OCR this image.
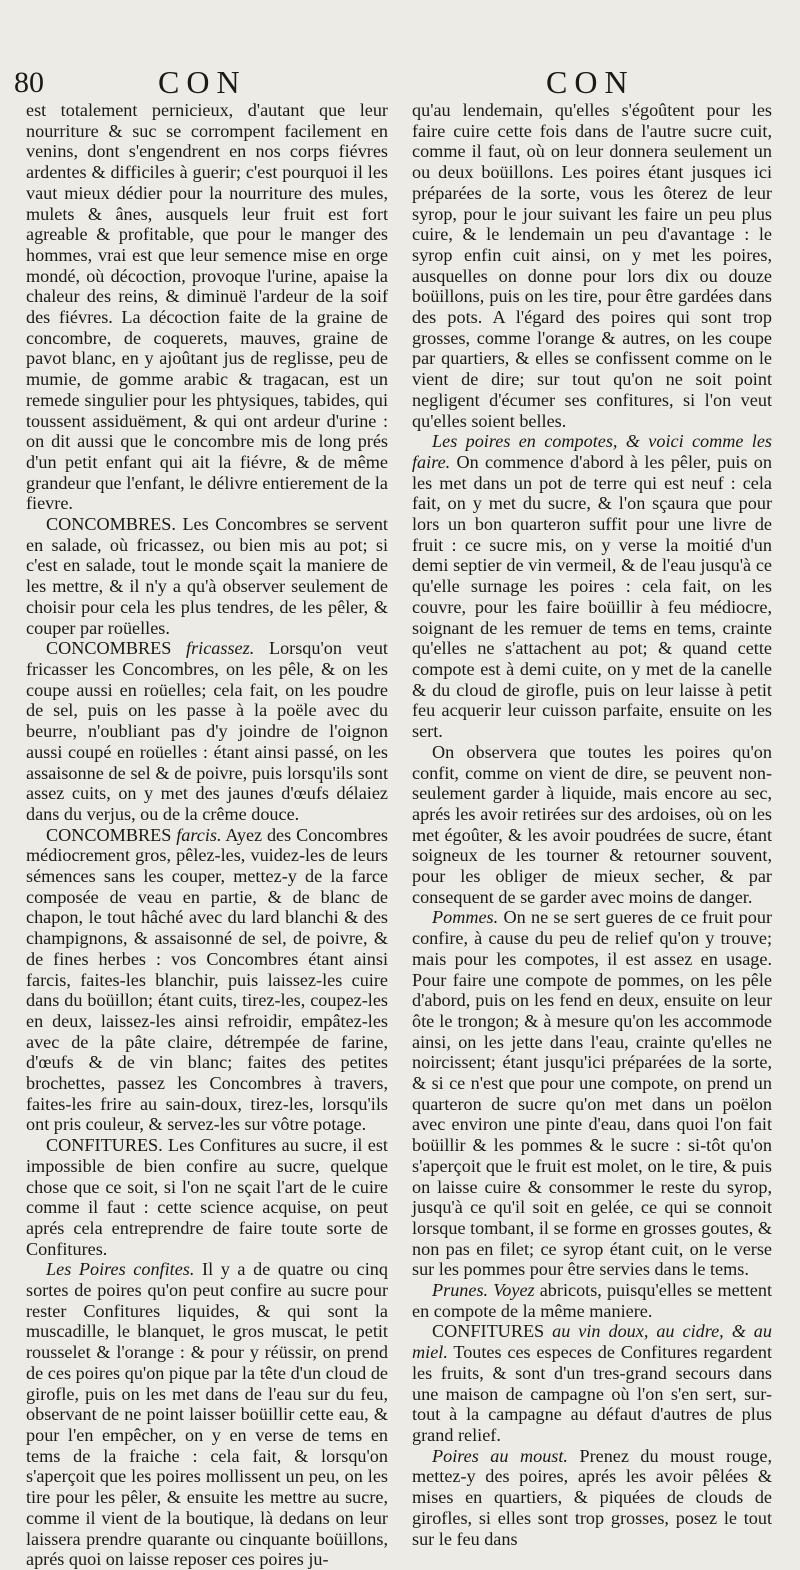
80	CON	CON

est totalement pernicieux, d'autant que leur nourriture & suc se corrompent facilement en venins, dont s'engendrent en nos corps fiévres ardentes & difficiles à guerir; c'est pourquoi il les vaut mieux dédier pour la nourriture des mules, mulets & ânes, ausquels leur fruit est fort agreable & profitable, que pour le manger des hommes, vrai est que leur semence mise en orge mondé, où décoction, provoque l'urine, apaise la chaleur des reins, & diminuë l'ardeur de la soif des fiévres. La décoction faite de la graine de concombre, de coquerets, mauves, graine de pavot blanc, en y ajoûtant jus de reglisse, peu de mumie, de gomme arabic & tragacan, est un remede singulier pour les phtysiques, tabides, qui toussent assiduëment, & qui ont ardeur d'urine : on dit aussi que le concombre mis de long prés d'un petit enfant qui ait la fiévre, & de même grandeur que l'enfant, le délivre entierement de la fievre.

CONCOMBRES. Les Concombres se servent en salade, où fricassez, ou bien mis au pot; si c'est en salade, tout le monde sçait la maniere de les mettre, & il n'y a qu'à observer seulement de choisir pour cela les plus tendres, de les pêler, & couper par roüelles.

CONCOMBRES fricassez. Lorsqu'on veut fricasser les Concombres, on les pêle, & on les coupe aussi en roüelles; cela fait, on les poudre de sel, puis on les passe à la poële avec du beurre, n'oubliant pas d'y joindre de l'oignon aussi coupé en roüelles : étant ainsi passé, on les assaisonne de sel & de poivre, puis lorsqu'ils sont assez cuits, on y met des jaunes d'œufs délaiez dans du verjus, ou de la crême douce.

CONCOMBRES farcis. Ayez des Concombres médiocrement gros, pêlez-les, vuidez-les de leurs sémences sans les couper, mettez-y de la farce composée de veau en partie, & de blanc de chapon, le tout hâché avec du lard blanchi & des champignons, & assaisonné de sel, de poivre, & de fines herbes : vos Concombres étant ainsi farcis, faites-les blanchir, puis laissez-les cuire dans du boüillon; étant cuits, tirez-les, coupez-les en deux, laissez-les ainsi refroidir, empâtez-les avec de la pâte claire, détrempée de farine, d'œufs & de vin blanc; faites des petites brochettes, passez les Concombres à travers, faites-les frire au sain-doux, tirez-les, lorsqu'ils ont pris couleur, & servez-les sur vôtre potage.

CONFITURES. Les Confitures au sucre, il est impossible de bien confire au sucre, quelque chose que ce soit, si l'on ne sçait l'art de le cuire comme il faut : cette science acquise, on peut aprés cela entreprendre de faire toute sorte de Confitures.

Les Poires confites. Il y a de quatre ou cinq sortes de poires qu'on peut confire au sucre pour rester Confitures liquides, & qui sont la muscadille, le blanquet, le gros muscat, le petit rousselet & l'orange : & pour y réüssir, on prend de ces poires qu'on pique par la tête d'un cloud de girofle, puis on les met dans de l'eau sur du feu, observant de ne point laisser boüillir cette eau, & pour l'en empêcher, on y en verse de tems en tems de la fraiche : cela fait, & lorsqu'on s'aperçoit que les poires mollissent un peu, on les tire pour les pêler, & ensuite les mettre au sucre, comme il vient de la boutique, là dedans on leur laissera prendre quarante ou cinquante boüillons, aprés quoi on laisse reposer ces poires ju-

qu'au lendemain, qu'elles s'égoûtent pour les faire cuire cette fois dans de l'autre sucre cuit, comme il faut, où on leur donnera seulement un ou deux boüillons. Les poires étant jusques ici préparées de la sorte, vous les ôterez de leur syrop, pour le jour suivant les faire un peu plus cuire, & le lendemain un peu d'avantage : le syrop enfin cuit ainsi, on y met les poires, ausquelles on donne pour lors dix ou douze boüillons, puis on les tire, pour être gardées dans des pots. A l'égard des poires qui sont trop grosses, comme l'orange & autres, on les coupe par quartiers, & elles se confissent comme on le vient de dire; sur tout qu'on ne soit point negligent d'écumer ses confitures, si l'on veut qu'elles soient belles.

Les poires en compotes, & voici comme les faire. On commence d'abord à les pêler, puis on les met dans un pot de terre qui est neuf : cela fait, on y met du sucre, & l'on sçaura que pour lors un bon quarteron suffit pour une livre de fruit : ce sucre mis, on y verse la moitié d'un demi septier de vin vermeil, & de l'eau jusqu'à ce qu'elle surnage les poires : cela fait, on les couvre, pour les faire boüillir à feu médiocre, soignant de les remuer de tems en tems, crainte qu'elles ne s'attachent au pot; & quand cette compote est à demi cuite, on y met de la canelle & du cloud de girofle, puis on leur laisse à petit feu acquerir leur cuisson parfaite, ensuite on les sert.

On observera que toutes les poires qu'on confit, comme on vient de dire, se peuvent non-seulement garder à liquide, mais encore au sec, aprés les avoir retirées sur des ardoises, où on les met égoûter, & les avoir poudrées de sucre, étant soigneux de les tourner & retourner souvent, pour les obliger de mieux secher, & par consequent de se garder avec moins de danger.

Pommes. On ne se sert gueres de ce fruit pour confire, à cause du peu de relief qu'on y trouve; mais pour les compotes, il est assez en usage. Pour faire une compote de pommes, on les pêle d'abord, puis on les fend en deux, ensuite on leur ôte le trongon; & à mesure qu'on les accommode ainsi, on les jette dans l'eau, crainte qu'elles ne noircissent; étant jusqu'ici préparées de la sorte, & si ce n'est que pour une compote, on prend un quarteron de sucre qu'on met dans un poëlon avec environ une pinte d'eau, dans quoi l'on fait boüillir & les pommes & le sucre : si-tôt qu'on s'aperçoit que le fruit est molet, on le tire, & puis on laisse cuire & consommer le reste du syrop, jusqu'à ce qu'il soit en gelée, ce qui se connoit lorsque tombant, il se forme en grosses goutes, & non pas en filet; ce syrop étant cuit, on le verse sur les pommes pour être servies dans le tems.

Prunes. Voyez abricots, puisqu'elles se mettent en compote de la même maniere.

CONFITURES au vin doux, au cidre, & au miel. Toutes ces especes de Confitures regardent les fruits, & sont d'un tres-grand secours dans une maison de campagne où l'on s'en sert, sur-tout à la campagne au défaut d'autres de plus grand relief.

Poires au moust. Prenez du moust rouge, mettez-y des poires, aprés les avoir pêlées & mises en quartiers, & piquées de clouds de girofles, si elles sont trop grosses, posez le tout sur le feu dans
